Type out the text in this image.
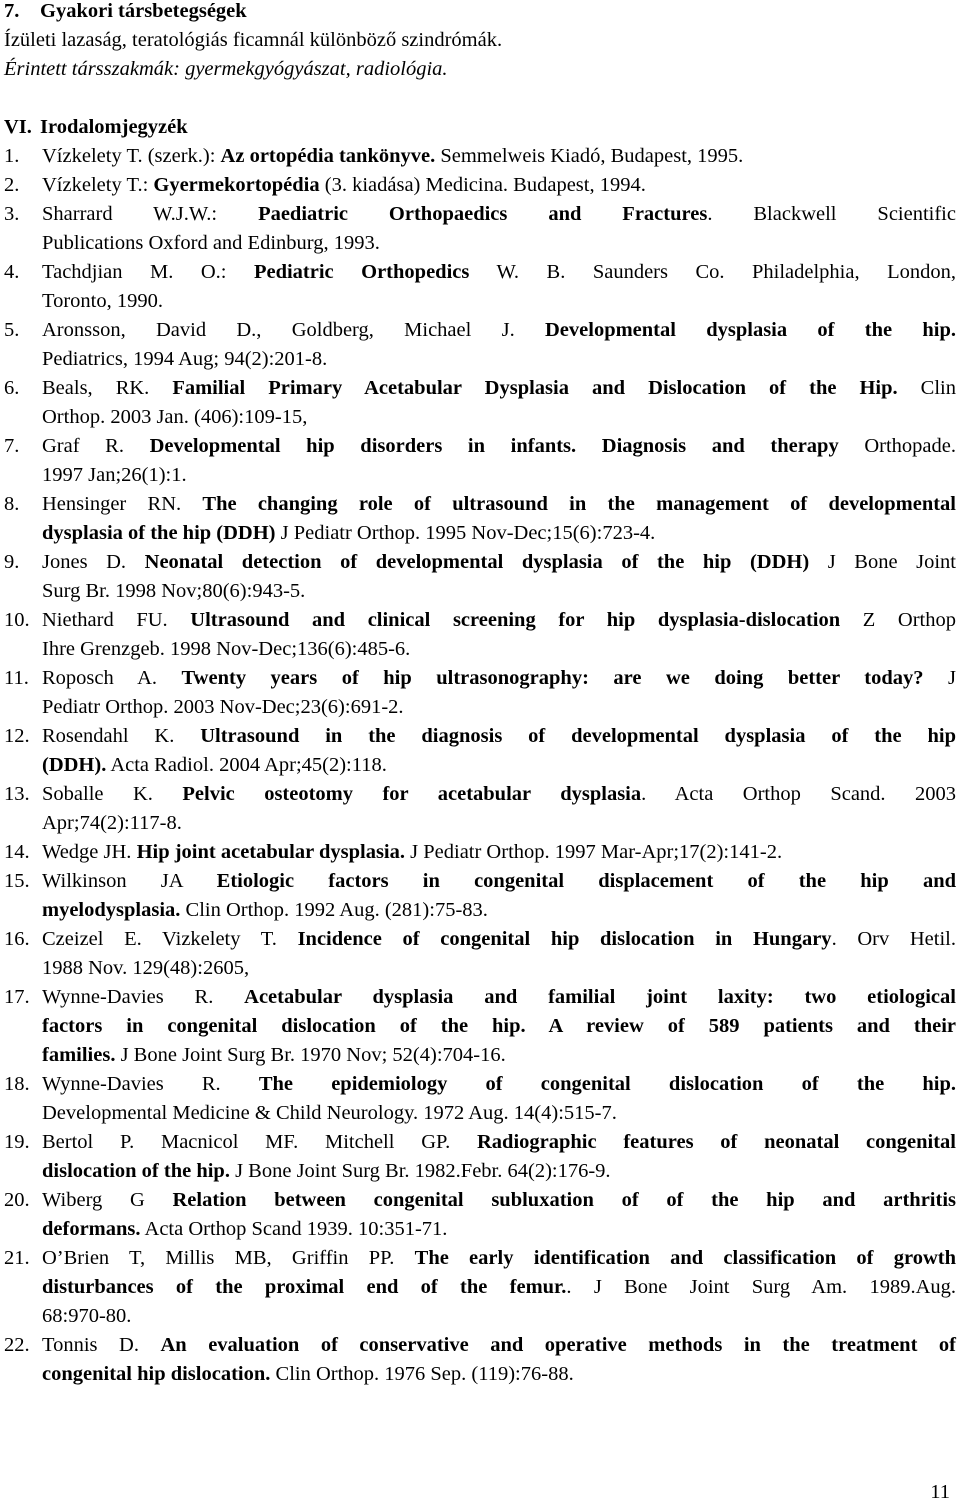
7. Gyakori társbetegségek
Ízületi lazaság, teratológiás ficamnál különböző szindrómák.
Érintett társszakmák: gyermekgyógyászat, radiológia.
VI. Irodalomjegyzék
1. Vízkelety T. (szerk.): Az ortopédia tankönyve. Semmelweis Kiadó, Budapest, 1995.
2. Vízkelety T.: Gyermekortopédia (3. kiadása) Medicina. Budapest, 1994.
3. Sharrard W.J.W.: Paediatric Orthopaedics and Fractures. Blackwell Scientific
Publications Oxford and Edinburg, 1993.
4. Tachdjian M. O.: Pediatric Orthopedics W. B. Saunders Co. Philadelphia, London,
Toronto, 1990.
5. Aronsson, David D., Goldberg, Michael J. Developmental dysplasia of the hip.
Pediatrics, 1994 Aug; 94(2):201-8.
6. Beals, RK. Familial Primary Acetabular Dysplasia and Dislocation of the Hip. Clin
Orthop. 2003 Jan. (406):109-15,
7. Graf R. Developmental hip disorders in infants. Diagnosis and therapy Orthopade.
1997 Jan;26(1):1.
8. Hensinger RN. The changing role of ultrasound in the management of developmental
dysplasia of the hip (DDH) J Pediatr Orthop. 1995 Nov-Dec;15(6):723-4.
9. Jones D. Neonatal detection of developmental dysplasia of the hip (DDH) J Bone Joint
Surg Br. 1998 Nov;80(6):943-5.
10. Niethard FU. Ultrasound and clinical screening for hip dysplasia-dislocation Z Orthop
Ihre Grenzgeb. 1998 Nov-Dec;136(6):485-6.
11. Roposch A. Twenty years of hip ultrasonography: are we doing better today? J
Pediatr Orthop. 2003 Nov-Dec;23(6):691-2.
12. Rosendahl K. Ultrasound in the diagnosis of developmental dysplasia of the hip
(DDH). Acta Radiol. 2004 Apr;45(2):118.
13. Soballe K. Pelvic osteotomy for acetabular dysplasia. Acta Orthop Scand. 2003
Apr;74(2):117-8.
14. Wedge JH. Hip joint acetabular dysplasia. J Pediatr Orthop. 1997 Mar-Apr;17(2):141-2.
15. Wilkinson JA Etiologic factors in congenital displacement of the hip and
myelodysplasia. Clin Orthop. 1992 Aug. (281):75-83.
16. Czeizel E. Vizkelety T. Incidence of congenital hip dislocation in Hungary. Orv Hetil.
1988 Nov. 129(48):2605,
17. Wynne-Davies R. Acetabular dysplasia and familial joint laxity: two etiological
factors in congenital dislocation of the hip. A review of 589 patients and their
families. J Bone Joint Surg Br. 1970 Nov; 52(4):704-16.
18. Wynne-Davies R. The epidemiology of congenital dislocation of the hip.
Developmental Medicine & Child Neurology. 1972 Aug. 14(4):515-7.
19. Bertol P. Macnicol MF. Mitchell GP. Radiographic features of neonatal congenital
dislocation of the hip. J Bone Joint Surg Br. 1982.Febr. 64(2):176-9.
20. Wiberg G Relation between congenital subluxation of of the hip and arthritis
deformans. Acta Orthop Scand 1939. 10:351-71.
21. O’Brien T, Millis MB, Griffin PP. The early identification and classification of growth
disturbances of the proximal end of the femur.. J Bone Joint Surg Am. 1989.Aug.
68:970-80.
22. Tonnis D. An evaluation of conservative and operative methods in the treatment of
congenital hip dislocation. Clin Orthop. 1976 Sep. (119):76-88.
11
